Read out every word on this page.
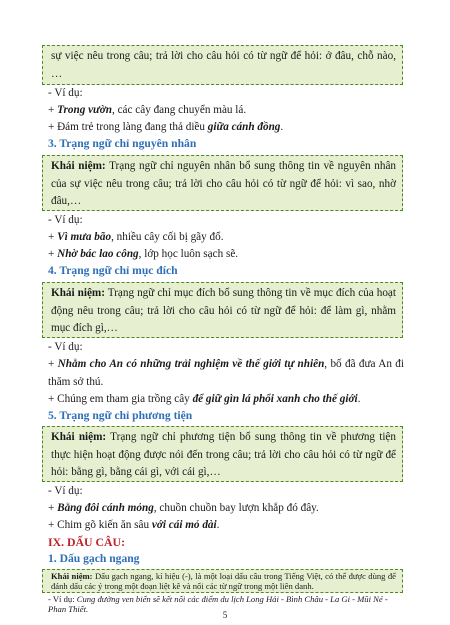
sự việc nêu trong câu; trả lời cho câu hỏi có từ ngữ để hỏi: ở đâu, chỗ nào, …
- Ví dụ:
+ Trong vườn, các cây đang chuyển màu lá.
+ Đám trẻ trong làng đang thả diều giữa cánh đồng.
3. Trạng ngữ chỉ nguyên nhân
Khái niệm: Trạng ngữ chỉ nguyên nhân bổ sung thông tin về nguyên nhân của sự việc nêu trong câu; trả lời cho câu hỏi có từ ngữ để hỏi: vì sao, nhờ đâu,…
- Ví dụ:
+ Vì mưa bão, nhiều cây cối bị gãy đổ.
+ Nhờ bác lao công, lớp học luôn sạch sẽ.
4. Trạng ngữ chỉ mục đích
Khái niệm: Trạng ngữ chỉ mục đích bổ sung thông tin về mục đích của hoạt động nêu trong câu; trả lời cho câu hỏi có từ ngữ để hỏi: để làm gì, nhằm mục đích gì,…
- Ví dụ:
+ Nhằm cho An có những trải nghiệm về thế giới tự nhiên, bố đã đưa An đi thăm sở thú.
+ Chúng em tham gia trồng cây để giữ gìn lá phổi xanh cho thế giới.
5. Trạng ngữ chỉ phương tiện
Khái niệm: Trạng ngữ chỉ phương tiện bổ sung thông tin về phương tiện thực hiện hoạt động được nói đến trong câu; trả lời cho câu hỏi có từ ngữ để hỏi: bằng gì, bằng cái gì, với cái gì,…
- Ví dụ:
+ Bằng đôi cánh mỏng, chuồn chuồn bay lượn khắp đó đây.
+ Chim gõ kiến ăn sâu với cái mỏ dài.
IX. DẤU CÂU:
1. Dấu gạch ngang
5
Khái niệm: Dấu gạch ngang, kí hiệu (-), là một loại dấu câu trong Tiếng Việt, có thể được dùng để đánh dấu các ý trong một đoạn liệt kê và nối các từ ngữ trong một liên danh.
- Ví dụ: Cung đường ven biển sẽ kết nối các điểm du lịch Long Hải - Bình Châu - La Gi - Mũi Né - Phan Thiết.
